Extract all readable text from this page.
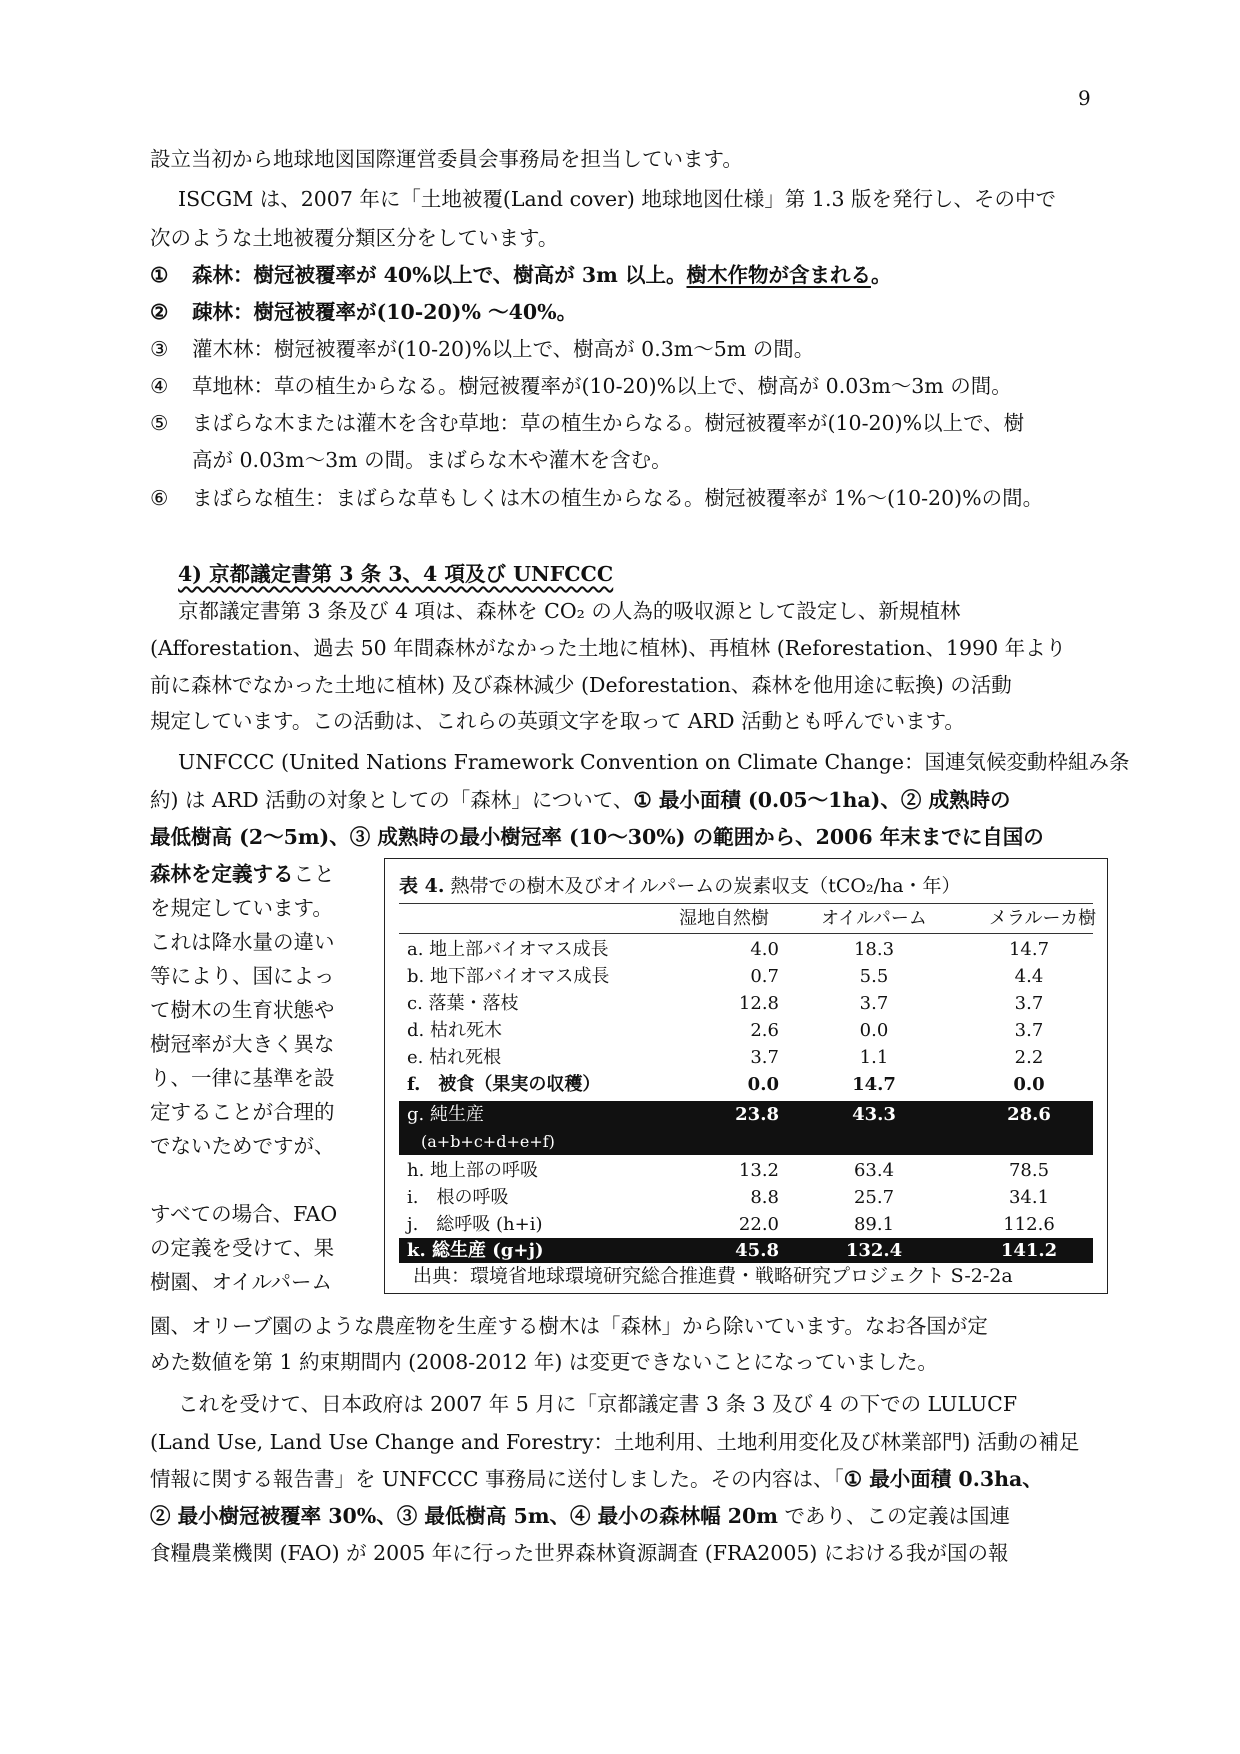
9
設立当初から地球地図国際運営委員会事務局を担当しています。
ISCGM は、2007 年に「土地被覆(Land cover) 地球地図仕様」第 1.3 版を発行し、その中で
次のような土地被覆分類区分をしています。
① 森林：樹冠被覆率が 40%以上で、樹高が 3m 以上。樹木作物が含まれる。
② 疎林：樹冠被覆率が(10-20)% 〜40%。
③ 灌木林：樹冠被覆率が(10-20)%以上で、樹高が 0.3m〜5m の間。
④ 草地林：草の植生からなる。樹冠被覆率が(10-20)%以上で、樹高が 0.03m〜3m の間。
⑤ まばらな木または灌木を含む草地：草の植生からなる。樹冠被覆率が(10-20)%以上で、樹
高が 0.03m〜3m の間。まばらな木や灌木を含む。
⑥ まばらな植生：まばらな草もしくは木の植生からなる。樹冠被覆率が 1%〜(10-20)%の間。
4) 京都議定書第 3 条 3、4 項及び UNFCCC
京都議定書第 3 条及び 4 項は、森林を CO₂ の人為的吸収源として設定し、新規植林
(Afforestation、過去 50 年間森林がなかった土地に植林)、再植林 (Reforestation、1990 年より
前に森林でなかった土地に植林) 及び森林減少 (Deforestation、森林を他用途に転換) の活動
規定しています。この活動は、これらの英頭文字を取って ARD 活動とも呼んでいます。
UNFCCC (United Nations Framework Convention on Climate Change：国連気候変動枠組み条
約) は ARD 活動の対象としての「森林」について、① 最小面積 (0.05〜1ha)、② 成熟時の
最低樹高 (2〜5m)、③ 成熟時の最小樹冠率 (10〜30%) の範囲から、2006 年末までに自国の
森林を定義すること
を規定しています。
これは降水量の違い
等により、国によっ
て樹木の生育状態や
樹冠率が大きく異な
り、一律に基準を設
定することが合理的
でないためですが、
すべての場合、FAO
の定義を受けて、果
樹園、オイルパーム
表 4. 熱帯での樹木及びオイルパームの炭素収支（tCO₂/ha・年）
湿地自然樹	オイルパーム	メラルーカ樹
a. 地上部バイオマス成長	4.0	18.3	14.7
b. 地下部バイオマス成長	0.7	5.5	4.4
c. 落葉・落枝	12.8	3.7	3.7
d. 枯れ死木	2.6	0.0	3.7
e. 枯れ死根	3.7	1.1	2.2
f.　被食（果実の収穫）	0.0	14.7	0.0
g. 純生産
(a+b+c+d+e+f)
23.8	43.3	28.6
h. 地上部の呼吸	13.2	63.4	78.5
i.　根の呼吸	8.8	25.7	34.1
j.　総呼吸 (h+i)	22.0	89.1	112.6
k. 総生産 (g+j)	45.8	132.4	141.2
出典：環境省地球環境研究総合推進費・戦略研究プロジェクト S-2-2a
園、オリーブ園のような農産物を生産する樹木は「森林」から除いています。なお各国が定
めた数値を第 1 約束期間内 (2008-2012 年) は変更できないことになっていました。
これを受けて、日本政府は 2007 年 5 月に「京都議定書 3 条 3 及び 4 の下での LULUCF
(Land Use, Land Use Change and Forestry：土地利用、土地利用変化及び林業部門) 活動の補足
情報に関する報告書」を UNFCCC 事務局に送付しました。その内容は、「① 最小面積 0.3ha、
② 最小樹冠被覆率 30%、③ 最低樹高 5m、④ 最小の森林幅 20m であり、この定義は国連
食糧農業機関 (FAO) が 2005 年に行った世界森林資源調査 (FRA2005) における我が国の報
